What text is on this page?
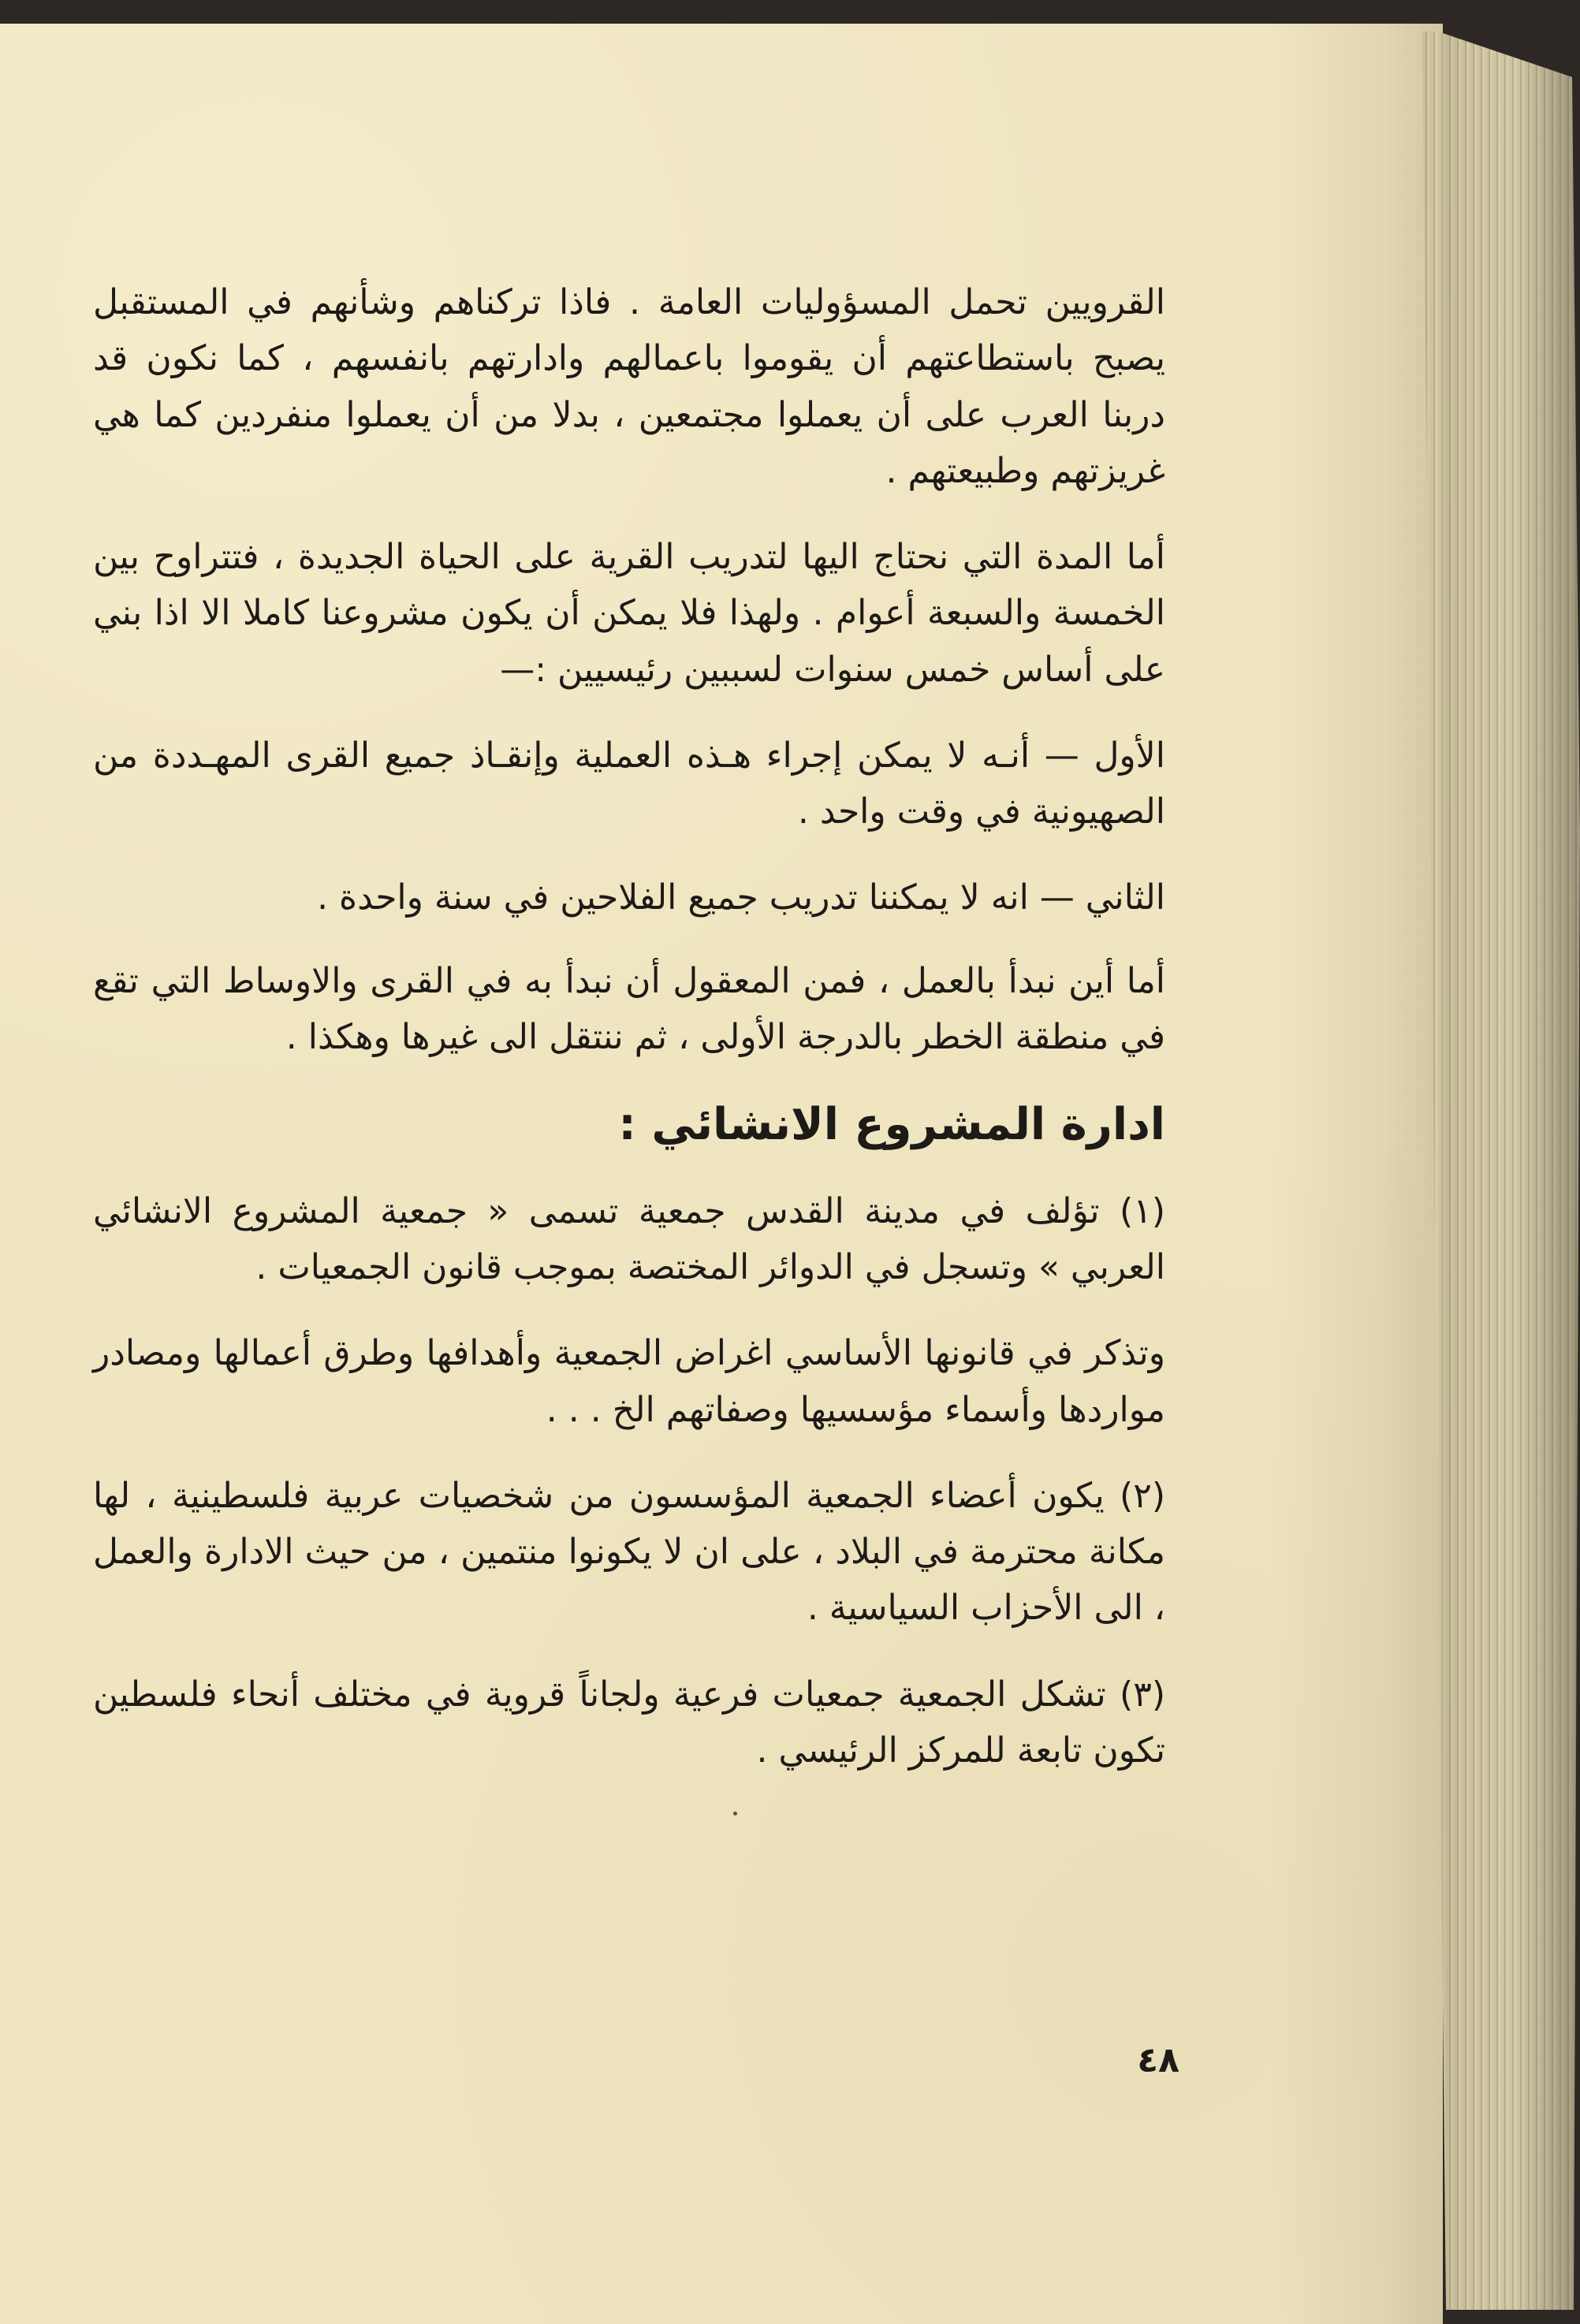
القرويين تحمل المسؤوليات العامة . فاذا تركناهم وشأنهم في المستقبل يصبح باستطاعتهم أن يقوموا باعمالهم وادارتهم بانفسهم ، كما نكون قد دربنا العرب على أن يعملوا مجتمعين ، بدلا من أن يعملوا منفردين كما هي غريزتهم وطبيعتهم .

أما المدة التي نحتاج اليها لتدريب القرية على الحياة الجديدة ، فتتراوح بين الخمسة والسبعة أعوام . ولهذا فلا يمكن أن يكون مشروعنا كاملا الا اذا بني على أساس خمس سنوات لسببين رئيسيين :—

الأول — أنـه لا يمكن إجراء هـذه العملية وإنقـاذ جميع القرى المهـددة من الصهيونية في وقت واحد .

الثاني — انه لا يمكننا تدريب جميع الفلاحين في سنة واحدة .

أما أين نبدأ بالعمل ، فمن المعقول أن نبدأ به في القرى والاوساط التي تقع في منطقة الخطر بالدرجة الأولى ، ثم ننتقل الى غيرها وهكذا .

ادارة المشروع الانشائي :

(١) تؤلف في مدينة القدس جمعية تسمى « جمعية المشروع الانشائي العربي » وتسجل في الدوائر المختصة بموجب قانون الجمعيات .

وتذكر في قانونها الأساسي اغراض الجمعية وأهدافها وطرق أعمالها ومصادر مواردها وأسماء مؤسسيها وصفاتهم الخ . . .

(٢) يكون أعضاء الجمعية المؤسسون من شخصيات عربية فلسطينية ، لها مكانة محترمة في البلاد ، على ان لا يكونوا منتمين ، من حيث الادارة والعمل ، الى الأحزاب السياسية .

(٣) تشكل الجمعية جمعيات فرعية ولجاناً قروية في مختلف أنحاء فلسطين تكون تابعة للمركز الرئيسي .

٤٨
